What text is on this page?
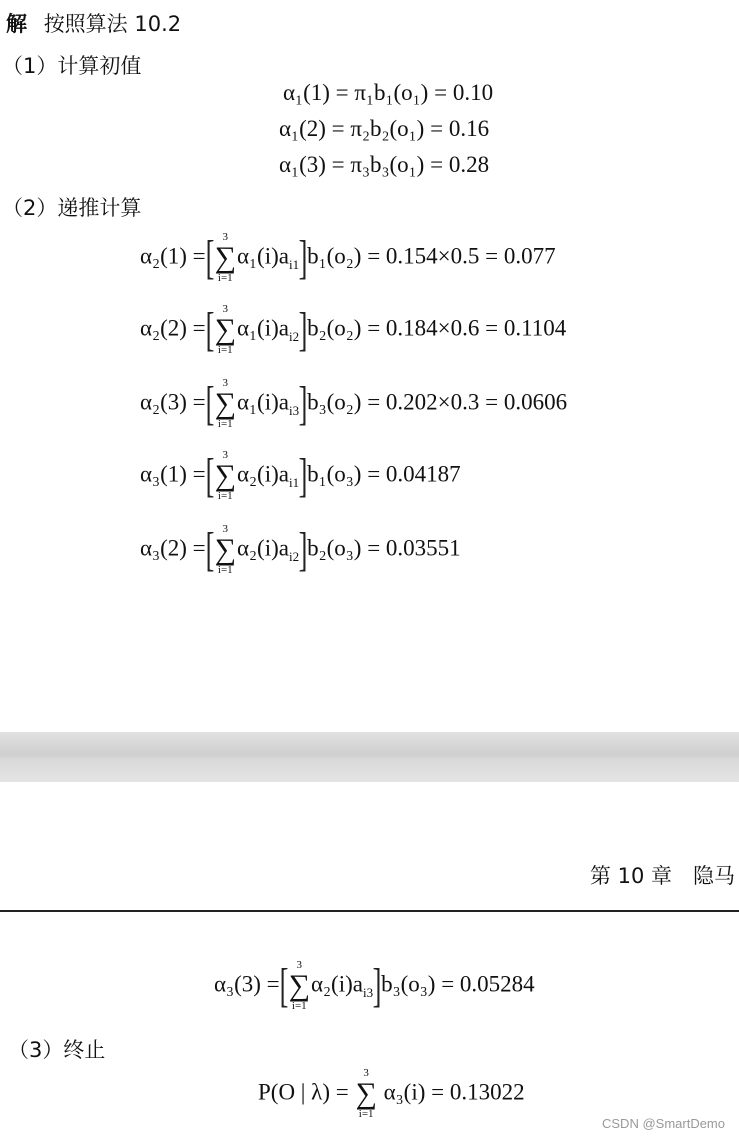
解 按照算法 10.2
（1）计算初值
α₁(1) = π₁b₁(o₁) = 0.10
α₁(2) = π₂b₂(o₁) = 0.16
α₁(3) = π₃b₃(o₁) = 0.28
（2）递推计算
α₂(1) =[ 3
∑
i=1
$\alpha_1(i)a_{i1}]b_1(o_2) = 0.154\times 0.5 = 0.077$
α₂(2) =[ 3
∑
i=1
$\alpha_1(i)a_{i2}]b_2(o_2) = 0.184\times 0.6 = 0.1104$
α₂(3) =[ 3
∑
i=1
$\alpha_1(i)a_{i3}]b_3(o_2) = 0.202\times 0.3 = 0.0606$
α₃(1) =[ 3
∑
i=1
$\alpha_2(i)a_{i1}]b_1(o_3) = 0.04187$
α₃(2) =[ 3
∑
i=1
$\alpha_2(i)a_{i2}]b_2(o_3) = 0.03551$
第 10 章　隐马
α₃(3) =[ 3
∑
i=1
$\alpha_2(i)a_{i3}]b_3(o_3) = 0.05284$
（3）终止
P(O | λ) =
3
∑
i=1
α₃(i) = 0.13022
CSDN @SmartDemo
